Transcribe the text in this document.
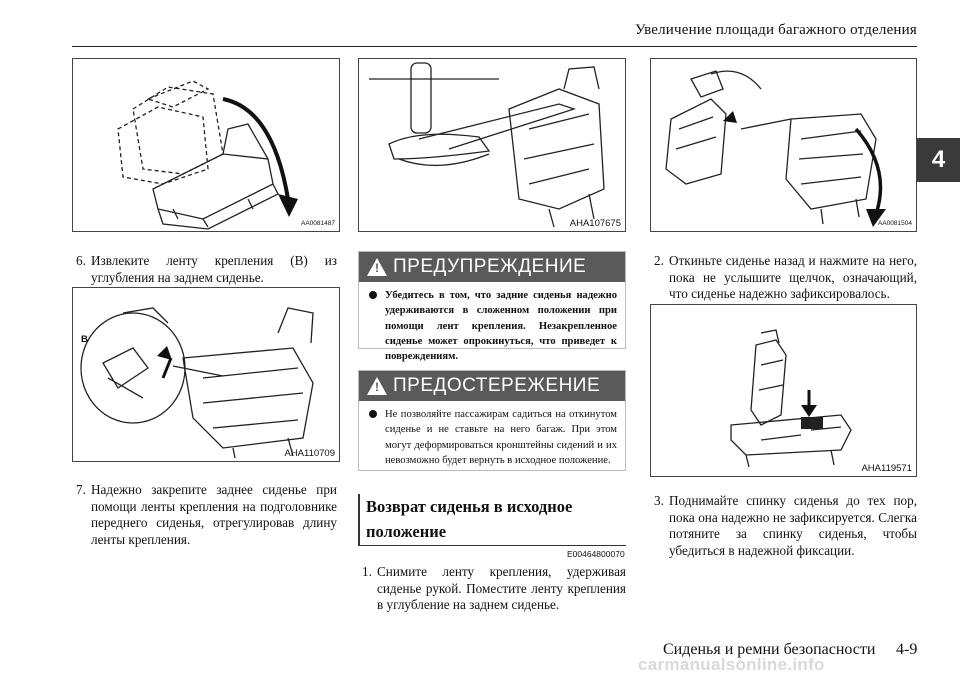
Увеличение площади багажного отделения
4
AA0081487	AHA107675	AA0081504
6. Извлеките ленту крепления (B) из углубления на заднем сиденье.
B
AHA110709
7. Надежно закрепите заднее сиденье при помощи ленты крепления на подголовнике переднего сиденья, отрегулировав длину ленты крепления.
! ПРЕДУПРЕЖДЕНИЕ
Убедитесь в том, что задние сиденья надежно удерживаются в сложенном положении при помощи лент крепления. Незакрепленное сиденье может опрокинуться, что приведет к повреждениям.
! ПРЕДОСТЕРЕЖЕНИЕ
Не позволяйте пассажирам садиться на откинутом сиденье и не ставьте на него багаж. При этом могут деформироваться кронштейны сидений и их невозможно будет вернуть в исходное положение.
Возврат сиденья в исходное
положение
E00464800070
1. Снимите ленту крепления, удерживая сиденье рукой. Поместите ленту крепления в углубление на заднем сиденье.
2. Откиньте сиденье назад и нажмите на него, пока не услышите щелчок, означающий, что сиденье надежно зафиксировалось.
AHA119571
3. Поднимайте спинку сиденья до тех пор, пока она надежно не зафиксируется. Слегка потяните за спинку сиденья, чтобы убедиться в надежной фиксации.
Сиденья и ремни безопасности 4-9
carmanualsonline.info
